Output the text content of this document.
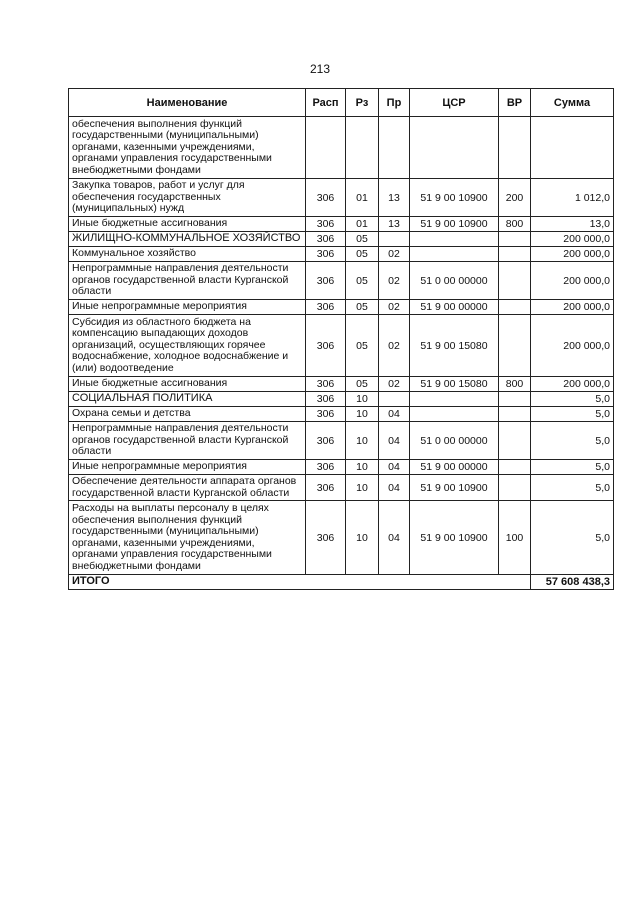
213
Наименование	Расп	Рз	Пр	ЦСР	ВР	Сумма
обеспечения выполнения функций государственными (муниципальными) органами, казенными учреждениями, органами управления государственными внебюджетными фондами						
Закупка товаров, работ и услуг для обеспечения государственных (муниципальных) нужд	306	01	13	51 9 00 10900	200	1 012,0
Иные бюджетные ассигнования	306	01	13	51 9 00 10900	800	13,0
ЖИЛИЩНО-КОММУНАЛЬНОЕ ХОЗЯЙСТВО	306	05				200 000,0
Коммунальное хозяйство	306	05	02			200 000,0
Непрограммные направления деятельности органов государственной власти Курганской области	306	05	02	51 0 00 00000		200 000,0
Иные непрограммные мероприятия	306	05	02	51 9 00 00000		200 000,0
Субсидия из областного бюджета на компенсацию выпадающих доходов организаций, осуществляющих горячее водоснабжение, холодное водоснабжение и (или) водоотведение	306	05	02	51 9 00 15080		200 000,0
Иные бюджетные ассигнования	306	05	02	51 9 00 15080	800	200 000,0
СОЦИАЛЬНАЯ ПОЛИТИКА	306	10				5,0
Охрана семьи и детства	306	10	04			5,0
Непрограммные направления деятельности органов государственной власти Курганской области	306	10	04	51 0 00 00000		5,0
Иные непрограммные мероприятия	306	10	04	51 9 00 00000		5,0
Обеспечение деятельности аппарата органов государственной власти Курганской области	306	10	04	51 9 00 10900		5,0
Расходы на выплаты персоналу в целях обеспечения выполнения функций государственными (муниципальными) органами, казенными учреждениями, органами управления государственными внебюджетными фондами	306	10	04	51 9 00 10900	100	5,0
ИТОГО						57 608 438,3
